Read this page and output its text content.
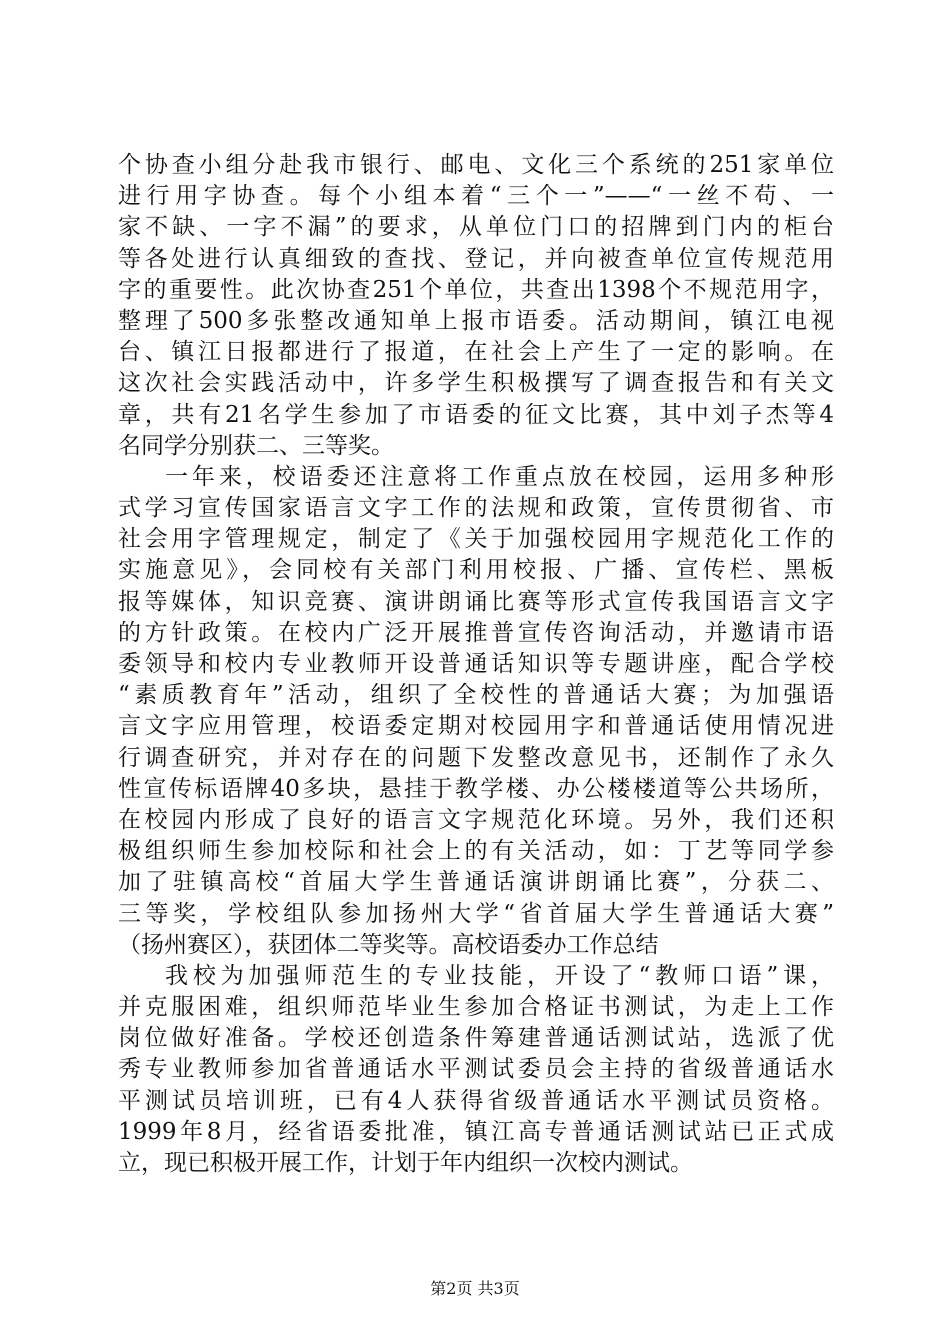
个协查小组分赴我市银行、邮电、文化三个系统的251家单位
进行用字协查。每个小组本着“三个一”——“一丝不苟、一
家不缺、一字不漏”的要求，从单位门口的招牌到门内的柜台
等各处进行认真细致的查找、登记，并向被查单位宣传规范用
字的重要性。此次协查251个单位，共查出1398个不规范用字，
整理了500多张整改通知单上报市语委。活动期间，镇江电视
台、镇江日报都进行了报道，在社会上产生了一定的影响。在
这次社会实践活动中，许多学生积极撰写了调查报告和有关文
章，共有21名学生参加了市语委的征文比赛，其中刘子杰等4
名同学分别获二、三等奖。
一年来，校语委还注意将工作重点放在校园，运用多种形
式学习宣传国家语言文字工作的法规和政策，宣传贯彻省、市
社会用字管理规定，制定了《关于加强校园用字规范化工作的
实施意见》，会同校有关部门利用校报、广播、宣传栏、黑板
报等媒体，知识竞赛、演讲朗诵比赛等形式宣传我国语言文字
的方针政策。在校内广泛开展推普宣传咨询活动，并邀请市语
委领导和校内专业教师开设普通话知识等专题讲座，配合学校
“素质教育年”活动，组织了全校性的普通话大赛；为加强语
言文字应用管理，校语委定期对校园用字和普通话使用情况进
行调查研究，并对存在的问题下发整改意见书，还制作了永久
性宣传标语牌40多块，悬挂于教学楼、办公楼楼道等公共场所，
在校园内形成了良好的语言文字规范化环境。另外，我们还积
极组织师生参加校际和社会上的有关活动，如：丁艺等同学参
加了驻镇高校“首届大学生普通话演讲朗诵比赛”，分获二、
三等奖，学校组队参加扬州大学“省首届大学生普通话大赛”
（扬州赛区），获团体二等奖等。高校语委办工作总结
我校为加强师范生的专业技能，开设了“教师口语”课，
并克服困难，组织师范毕业生参加合格证书测试，为走上工作
岗位做好准备。学校还创造条件筹建普通话测试站，选派了优
秀专业教师参加省普通话水平测试委员会主持的省级普通话水
平测试员培训班，已有4人获得省级普通话水平测试员资格。
1999年8月，经省语委批准，镇江高专普通话测试站已正式成
立，现已积极开展工作，计划于年内组织一次校内测试。
第2页 共3页
